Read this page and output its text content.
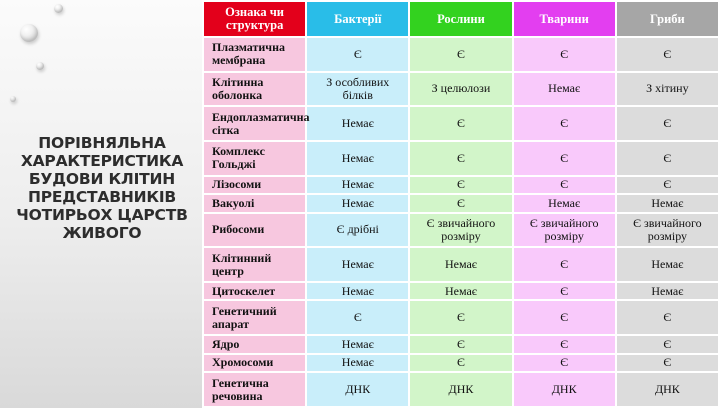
ПОРІВНЯЛЬНА ХАРАКТЕРИСТИКА БУДОВИ КЛІТИН ПРЕДСТАВНИКІВ ЧОТИРЬОХ ЦАРСТВ ЖИВОГО
Ознака чи структура	Бактерії	Рослини	Тварини	Гриби
Плазматична мембрана	Є	Є	Є	Є
Клітинна оболонка	З особливих білків	З целюлози	Немає	З хітину
Ендоплазматична сітка	Немає	Є	Є	Є
Комплекс Гольджі	Немає	Є	Є	Є
Лізосоми	Немає	Є	Є	Є
Вакуолі	Немає	Є	Немає	Немає
Рибосоми	Є дрібні	Є звичайного розміру	Є звичайного розміру	Є звичайного розміру
Клітинний центр	Немає	Немає	Є	Немає
Цитоскелет	Немає	Немає	Є	Немає
Генетичний апарат	Є	Є	Є	Є
Ядро	Немає	Є	Є	Є
Хромосоми	Немає	Є	Є	Є
Генетична речовина	ДНК	ДНК	ДНК	ДНК
